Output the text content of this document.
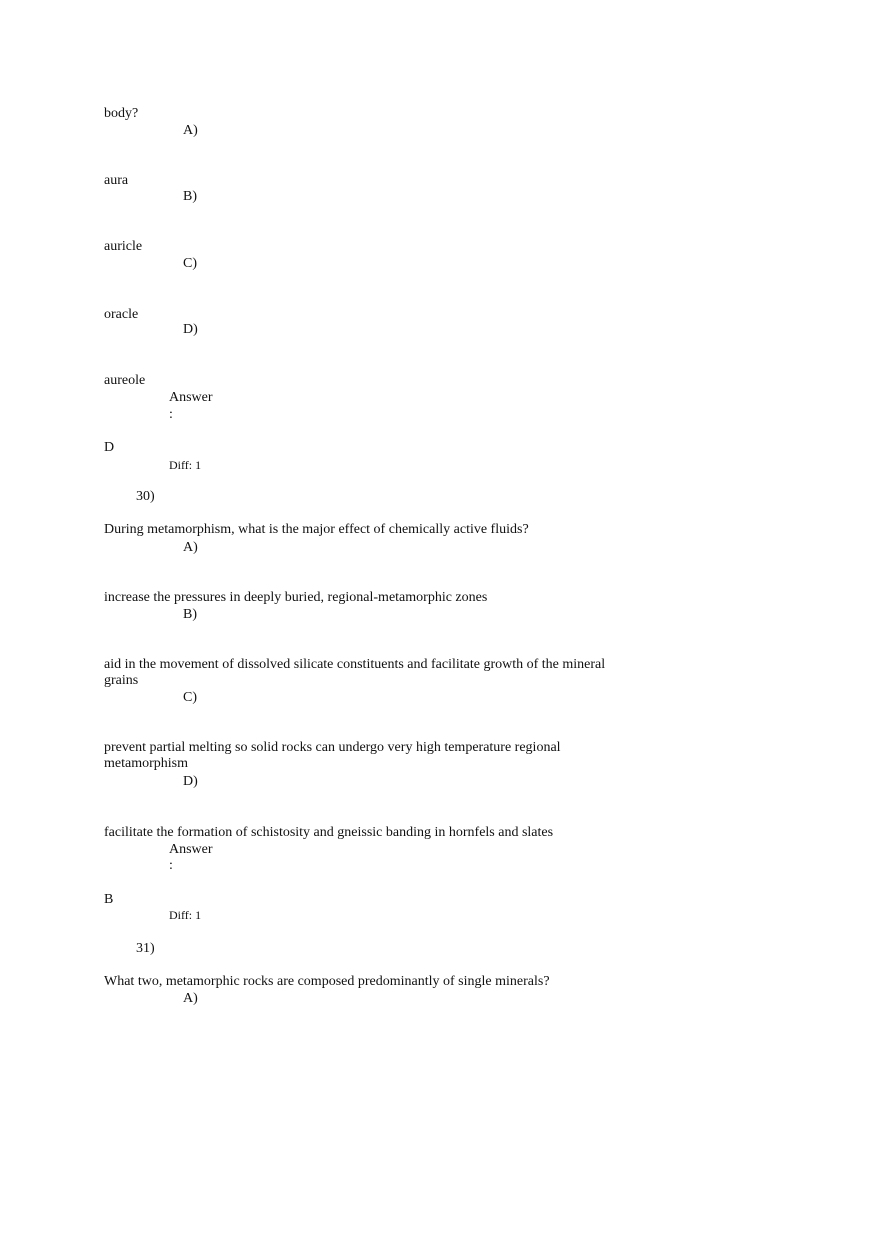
body?
A)
aura
B)
auricle
C)
oracle
D)
aureole
Answer
:
D
Diff: 1
30)
During metamorphism, what is the major effect of chemically active fluids?
A)
increase the pressures in deeply buried, regional-metamorphic zones
B)
aid in the movement of dissolved silicate constituents and facilitate growth of the mineral grains
C)
prevent partial melting so solid rocks can undergo very high temperature regional metamorphism
D)
facilitate the formation of schistosity and gneissic banding in hornfels and slates
Answer
:
B
Diff: 1
31)
What two, metamorphic rocks are composed predominantly of single minerals?
A)
